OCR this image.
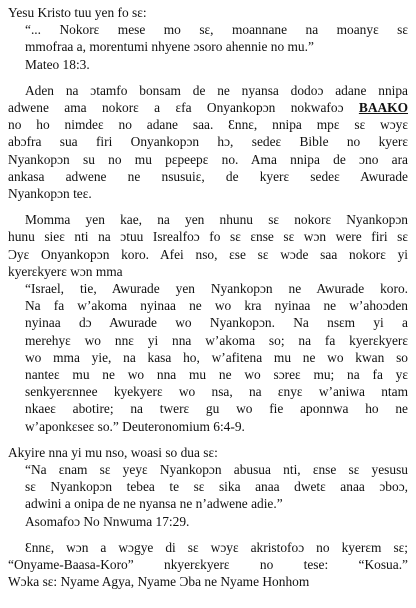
Yesu Kristo tuu yen fo sɛ:
“... Nokorɛ mese mo sɛ, moannane na moanyɛ sɛ
mmofraa a, morentumi nhyene ɔsoro ahennie no mu.”
Mateo 18:3.
Aden na ɔtamfo bonsam de ne nyansa dodoɔ adane nnipa
adwene ama nokorɛ a ɛfa Onyankopɔn nokwafoɔ BAAKO
no ho nimdeɛ no adane saa. Ɛnnɛ, nnipa mpɛ sɛ wɔyɛ
abɔfra sua firi Onyankopɔn hɔ, sedeɛ Bible no kyerɛ
Nyankopɔn su no mu pɛpeepɛ no. Ama nnipa de ɔno ara
ankasa adwene ne nsusuiɛ, de kyerɛ sedeɛ Awurade
Nyankopɔn teɛ.
Momma yen kae, na yen nhunu sɛ nokorɛ Nyankopɔn
hunu sieɛ nti na ɔtuu Isrealfoɔ fo sɛ ɛnse sɛ wɔn were firi sɛ
Ɔyɛ Onyankopɔn koro. Afei nso, ɛse sɛ wɔde saa nokorɛ yi
kyerɛkyerɛ wɔn mma
“Israel, tie, Awurade yen Nyankopɔn ne Awurade koro.
Na fa w’akoma nyinaa ne wo kra nyinaa ne w’ahoɔden
nyinaa dɔ Awurade wo Nyankopɔn. Na nsɛm yi a
merehyɛ wo nnɛ yi nna w’akoma so; na fa kyerɛkyerɛ
wo mma yie, na kasa ho, w’afitena mu ne wo kwan so
nanteɛ mu ne wo nna mu ne wo sɔreɛ mu; na fa yɛ
senkyerɛnnee kyekyerɛ wo nsa, na ɛnyɛ w’aniwa ntam
nkaeɛ abotire; na twerɛ gu wo fie aponnwa ho ne
w’aponkɛseɛ so.” Deuteronomium 6:4-9.
Akyire nna yi mu nso, woasi so dua sɛ:
“Na ɛnam sɛ yeyɛ Nyankopɔn abusua nti, ɛnse sɛ yesusu
sɛ Nyankopɔn tebea te sɛ sika anaa dwetɛ anaa ɔboɔ,
adwini a onipa de ne nyansa ne n’adwene adie.”
Asomafoɔ No Nnwuma 17:29.
Ɛnnɛ, wɔn a wɔgye di sɛ wɔyɛ akristofoɔ no kyerɛm sɛ;
“Onyame-Baasa-Koro” nkyerɛkyerɛ no tese: “Kosua.”
Wɔka sɛ: Nyame Agya, Nyame Ɔba ne Nyame Honhom
